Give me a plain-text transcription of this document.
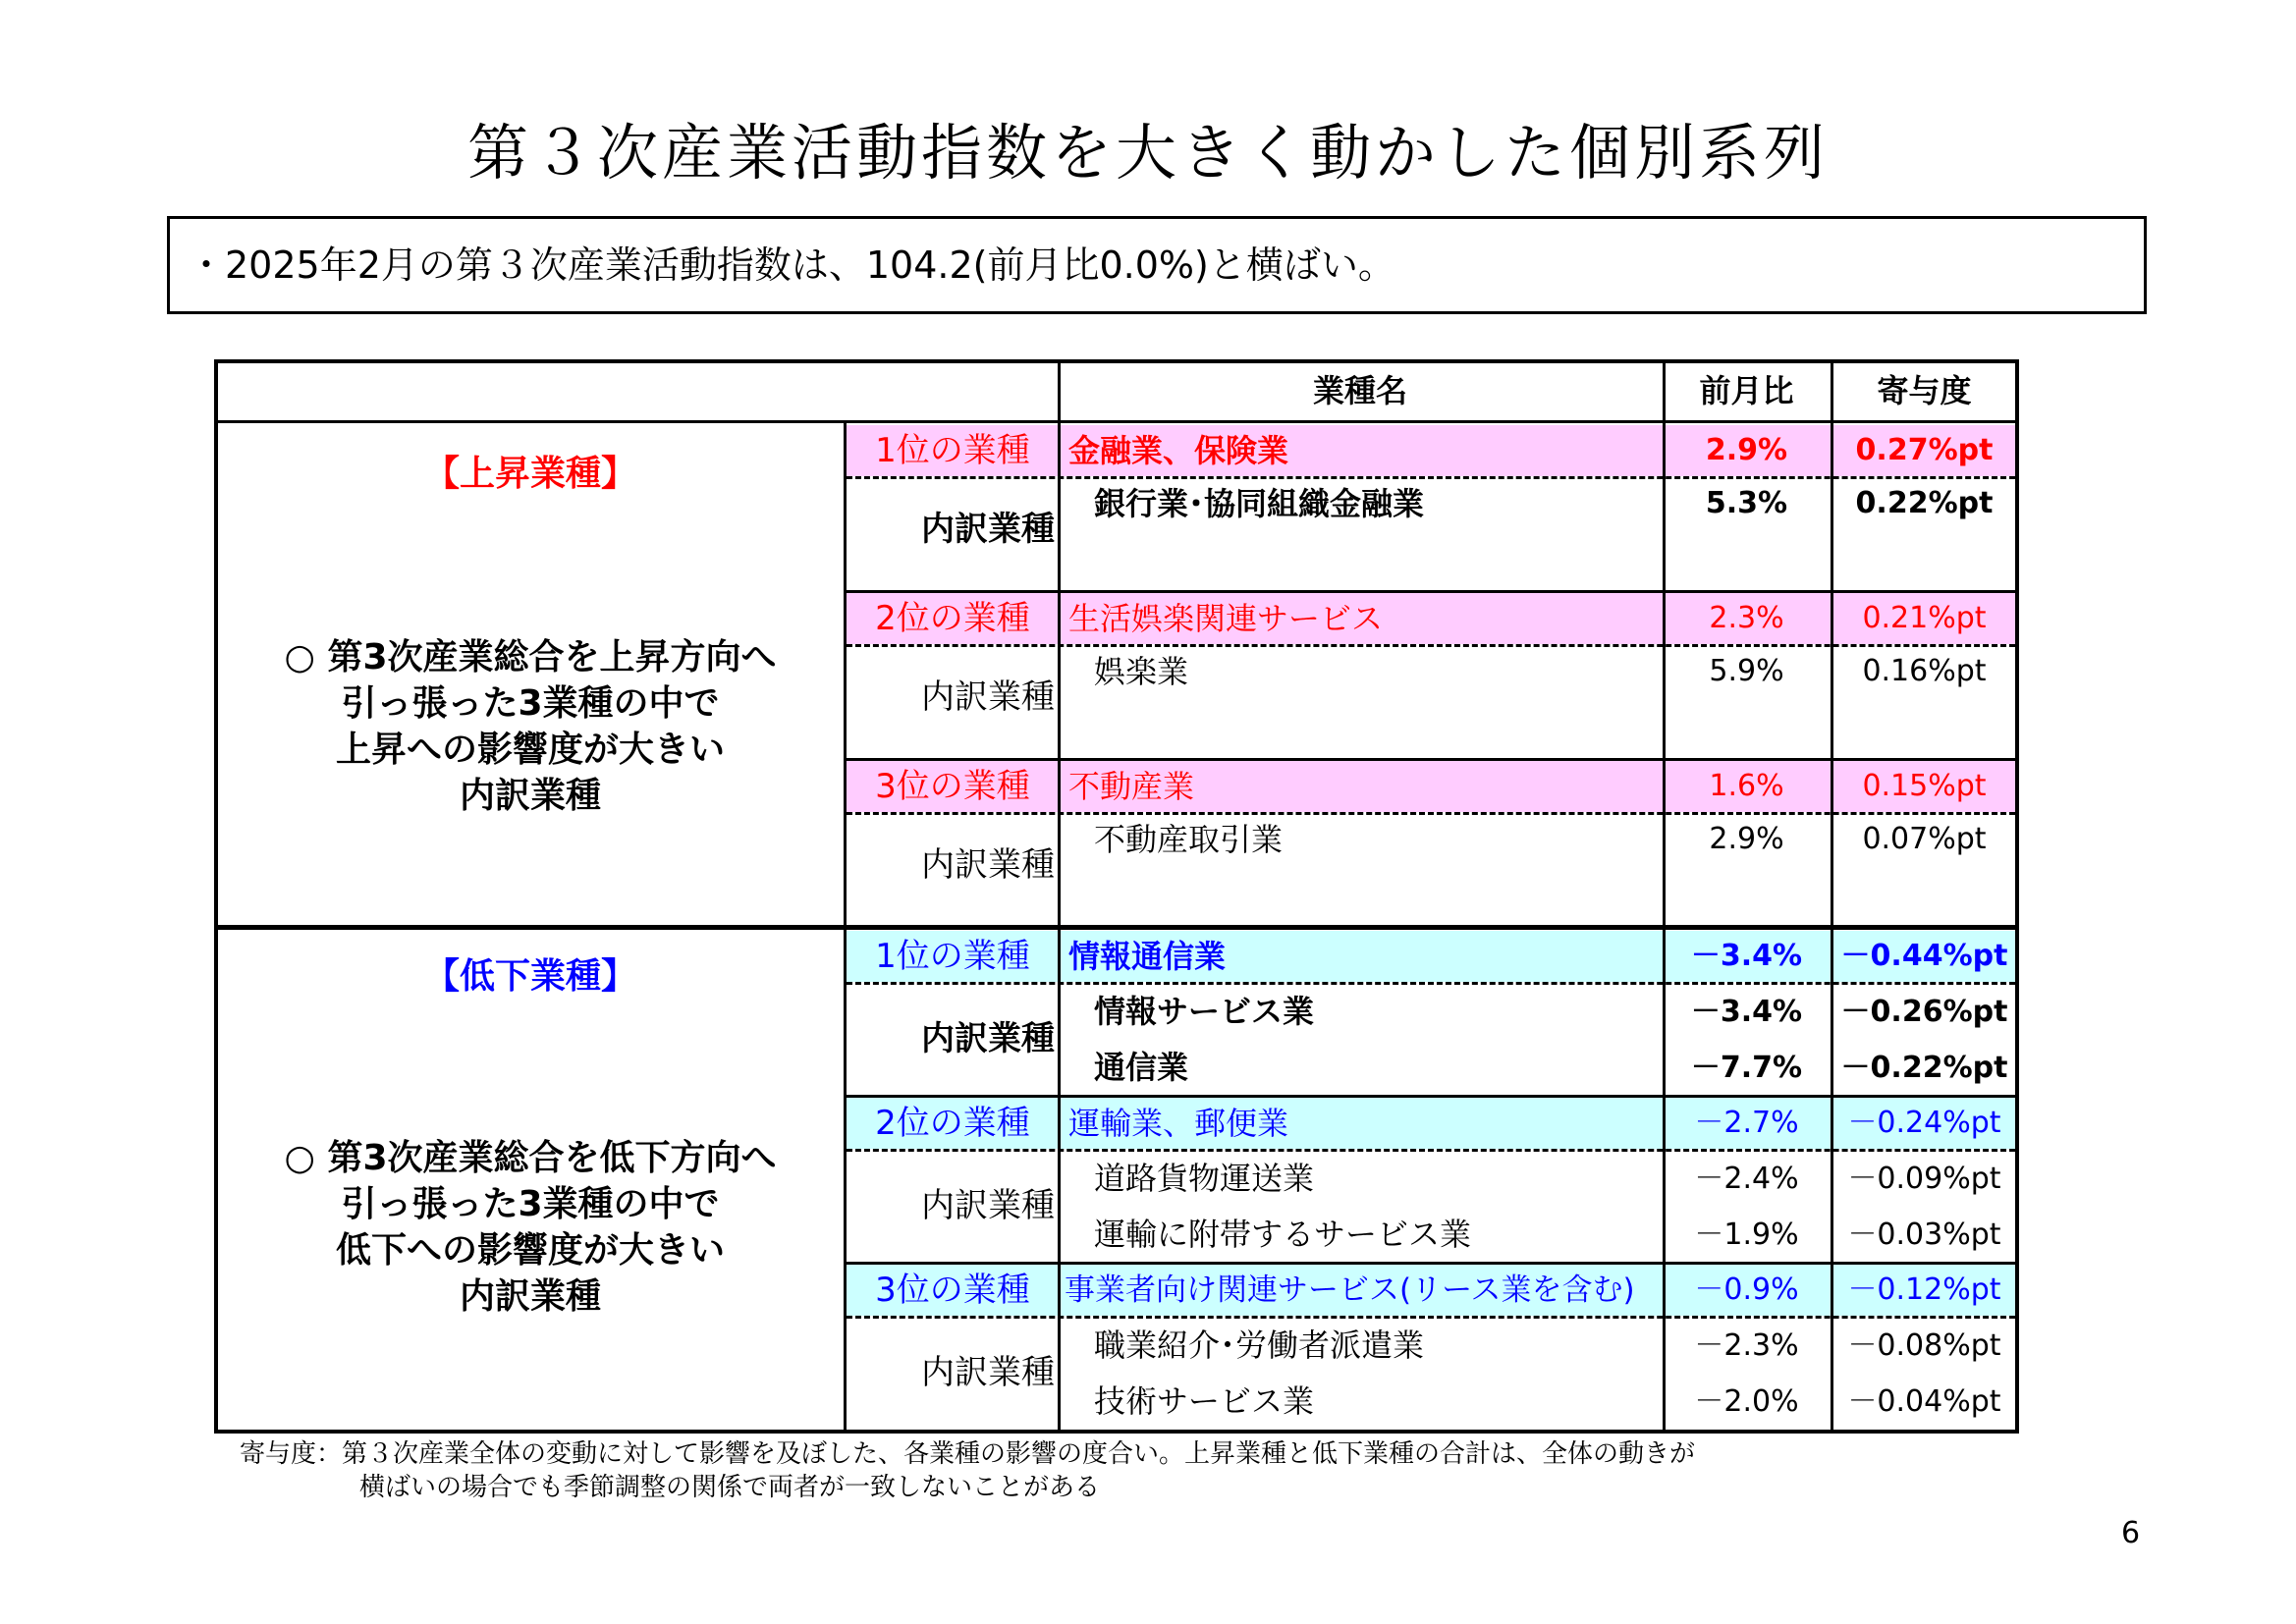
第３次産業活動指数を大きく動かした個別系列
・2025年2月の第３次産業活動指数は、104.2(前月比0.0%)と横ばい。
業種名	前月比	寄与度
【上昇業種】
○ 第3次産業総合を上昇方向へ
引っ張った3業種の中で
上昇への影響度が大きい
内訳業種
1位の業種	金融業、保険業	2.9%	0.27%pt
内訳業種
銀行業･協同組織金融業	5.3%	0.22%pt
2位の業種	生活娯楽関連サービス	2.3%	0.21%pt
内訳業種
娯楽業	5.9%	0.16%pt
3位の業種	不動産業	1.6%	0.15%pt
内訳業種
不動産取引業	2.9%	0.07%pt
【低下業種】
○ 第3次産業総合を低下方向へ
引っ張った3業種の中で
低下への影響度が大きい
内訳業種
1位の業種	情報通信業	－3.4%	－0.44%pt
内訳業種
情報サービス業	－3.4%	－0.26%pt
通信業	－7.7%	－0.22%pt
2位の業種	運輸業、郵便業	－2.7%	－0.24%pt
内訳業種
道路貨物運送業	－2.4%	－0.09%pt
運輸に附帯するサービス業	－1.9%	－0.03%pt
3位の業種	事業者向け関連サービス(リース業を含む)	－0.9%	－0.12%pt
内訳業種
職業紹介･労働者派遣業	－2.3%	－0.08%pt
技術サービス業	－2.0%	－0.04%pt
寄与度：第３次産業全体の変動に対して影響を及ぼした、各業種の影響の度合い。上昇業種と低下業種の合計は、全体の動きが
横ばいの場合でも季節調整の関係で両者が一致しないことがある
6
